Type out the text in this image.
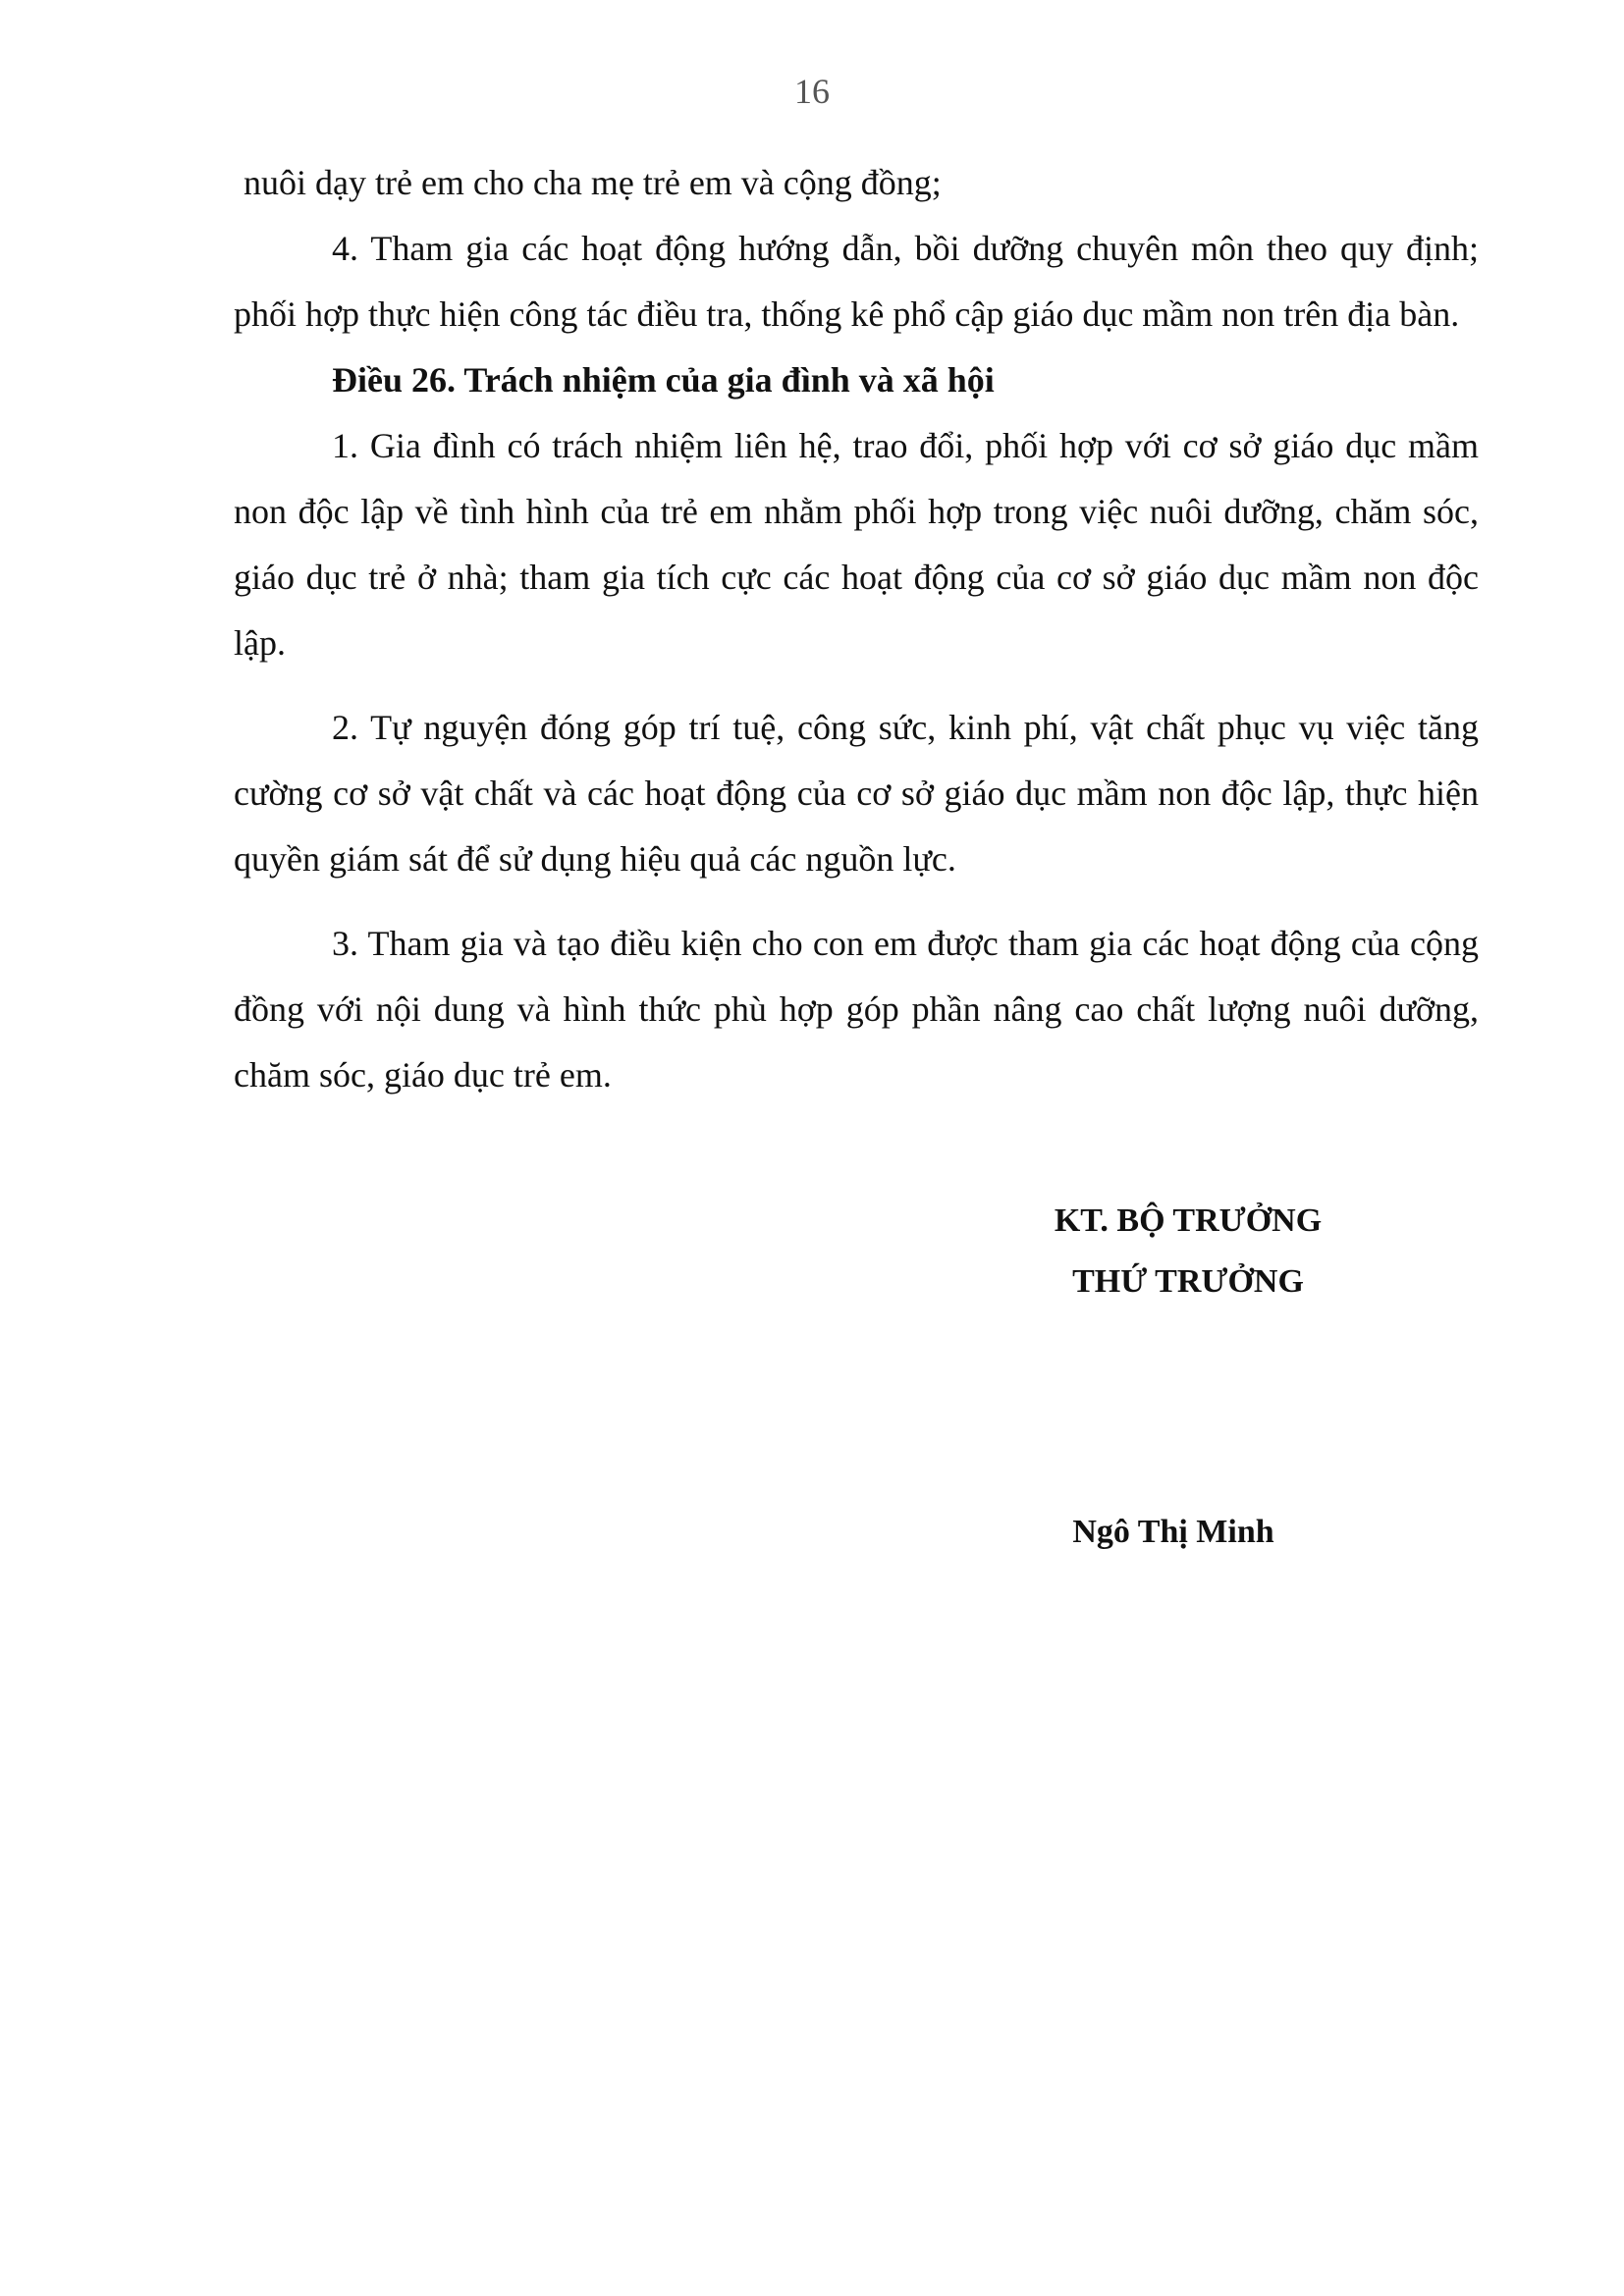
16

nuôi dạy trẻ em cho cha mẹ trẻ em và cộng đồng;

4. Tham gia các hoạt động hướng dẫn, bồi dưỡng chuyên môn theo quy định; phối hợp thực hiện công tác điều tra, thống kê phổ cập giáo dục mầm non trên địa bàn.

Điều 26. Trách nhiệm của gia đình và xã hội

1. Gia đình có trách nhiệm liên hệ, trao đổi, phối hợp với cơ sở giáo dục mầm non độc lập về tình hình của trẻ em nhằm phối hợp trong việc nuôi dưỡng, chăm sóc, giáo dục trẻ ở nhà; tham gia tích cực các hoạt động của cơ sở giáo dục mầm non độc lập.

2. Tự nguyện đóng góp trí tuệ, công sức, kinh phí, vật chất phục vụ việc tăng cường cơ sở vật chất và các hoạt động của cơ sở giáo dục mầm non độc lập, thực hiện quyền giám sát để sử dụng hiệu quả các nguồn lực.

3. Tham gia và tạo điều kiện cho con em được tham gia các hoạt động của cộng đồng với nội dung và hình thức phù hợp góp phần nâng cao chất lượng nuôi dưỡng, chăm sóc, giáo dục trẻ em.

KT. BỘ TRƯỞNG
THỨ TRƯỞNG
Ngô Thị Minh
